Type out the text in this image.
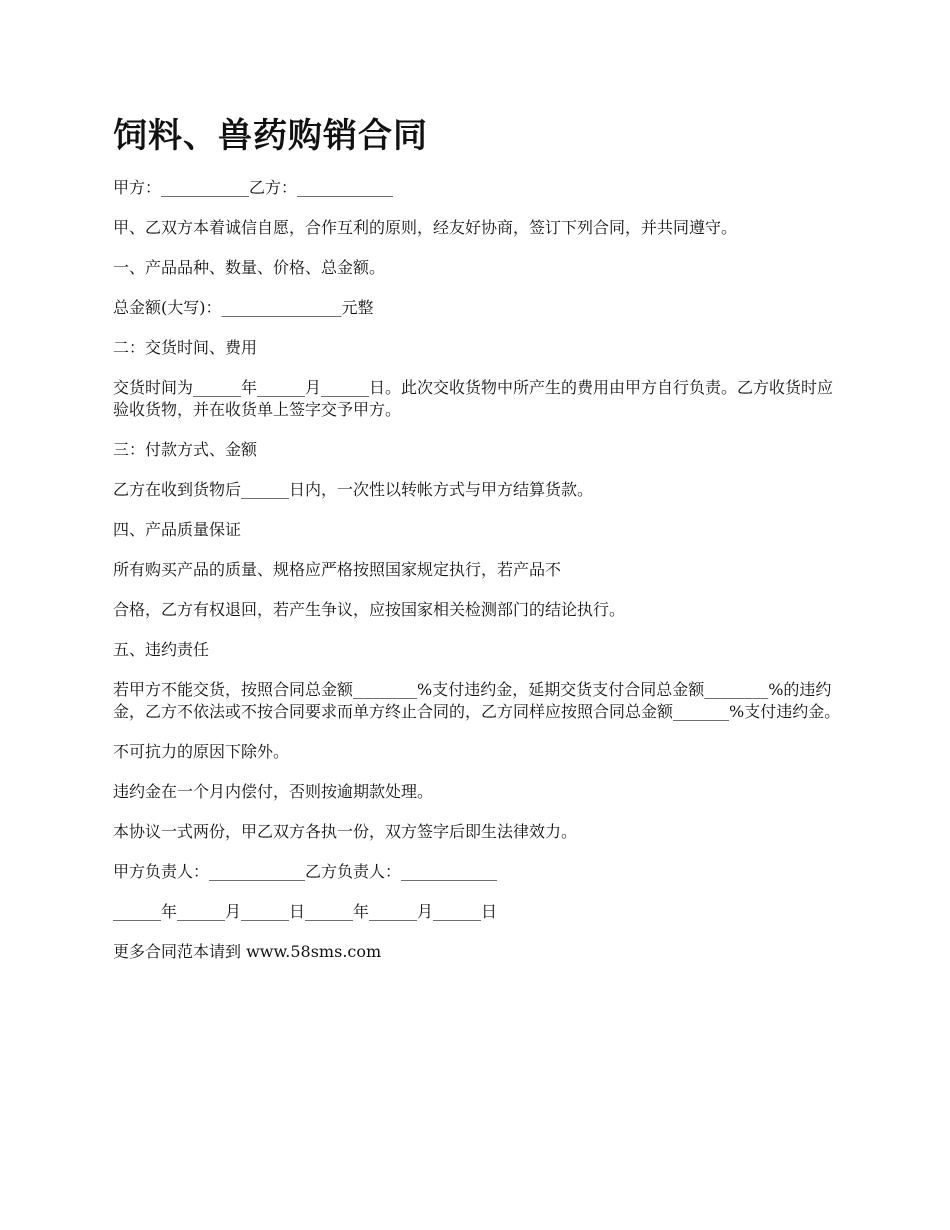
饲料、兽药购销合同

甲方：___________乙方：____________

甲、乙双方本着诚信自愿，合作互利的原则，经友好协商，签订下列合同，并共同遵守。

一、产品品种、数量、价格、总金额。

总金额(大写)：_______________元整

二：交货时间、费用

交货时间为______年______月______日。此次交收货物中所产生的费用由甲方自行负责。乙方收货时应验收货物，并在收货单上签字交予甲方。

三：付款方式、金额

乙方在收到货物后______日内，一次性以转帐方式与甲方结算货款。

四、产品质量保证

所有购买产品的质量、规格应严格按照国家规定执行，若产品不

合格，乙方有权退回，若产生争议，应按国家相关检测部门的结论执行。

五、违约责任

若甲方不能交货，按照合同总金额________%支付违约金，延期交货支付合同总金额________%的违约金，乙方不依法或不按合同要求而单方终止合同的，乙方同样应按照合同总金额_______%支付违约金。

不可抗力的原因下除外。

违约金在一个月内偿付，否则按逾期款处理。

本协议一式两份，甲乙双方各执一份，双方签字后即生法律效力。

甲方负责人：____________乙方负责人：____________

______年______月______日______年______月______日

更多合同范本请到 www.58sms.com
